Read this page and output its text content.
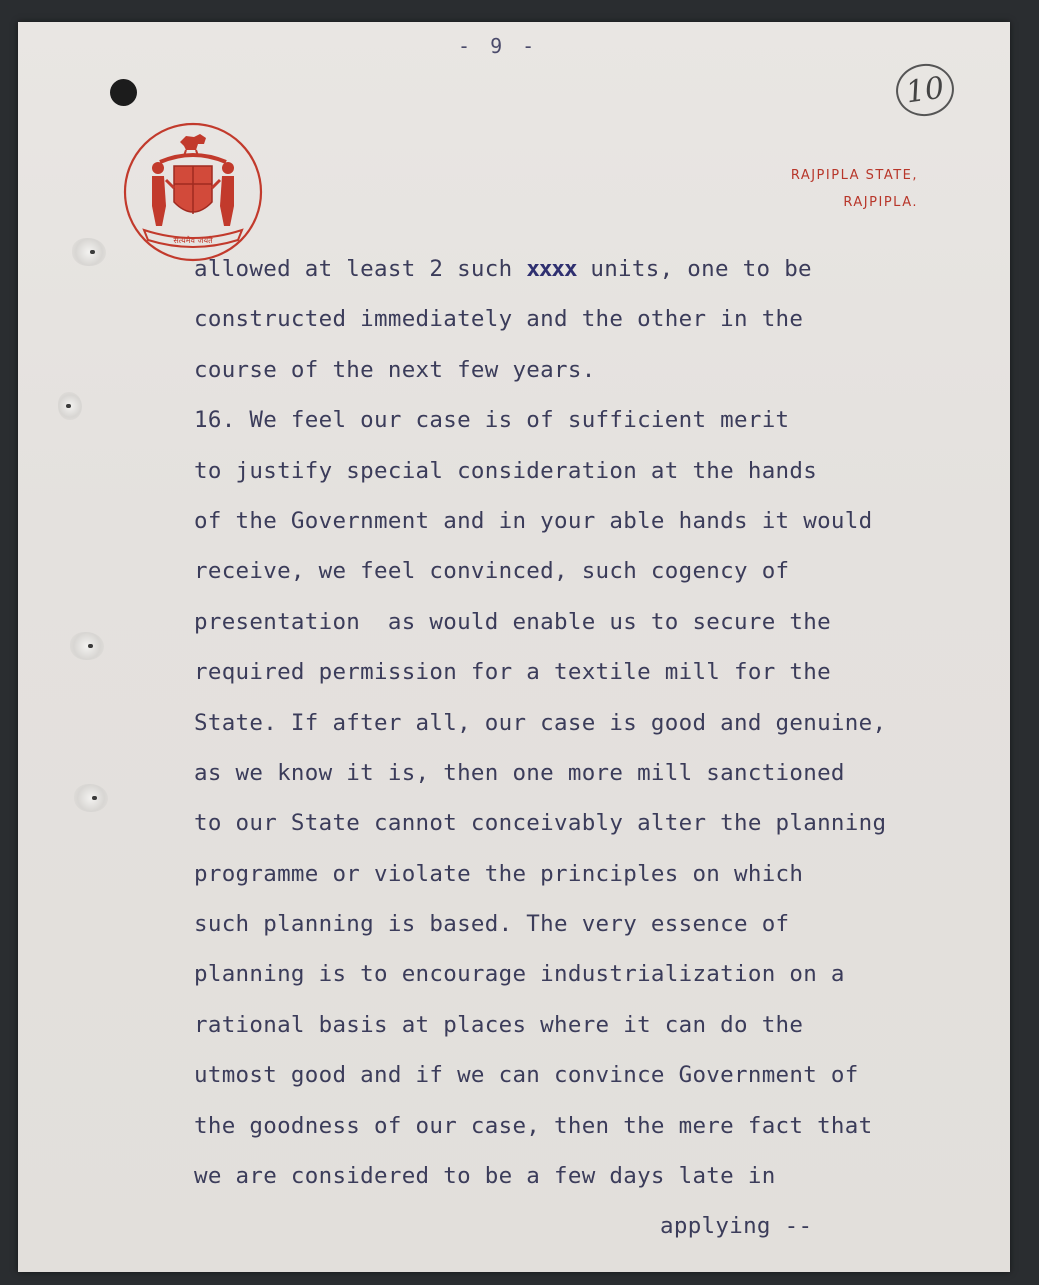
- 9 -
10
सत्यमेव जयते
RAJPIPLA STATE,
RAJPIPLA.
allowed at least 2 such xxxx units, one to be
constructed immediately and the other in the
course of the next few years.
16. We feel our case is of sufficient merit
to justify special consideration at the hands
of the Government and in your able hands it would
receive, we feel convinced, such cogency of
presentation  as would enable us to secure the
required permission for a textile mill for the
State. If after all, our case is good and genuine,
as we know it is, then one more mill sanctioned
to our State cannot conceivably alter the planning
programme or violate the principles on which
such planning is based. The very essence of
planning is to encourage industrialization on a
rational basis at places where it can do the
utmost good and if we can convince Government of
the goodness of our case, then the mere fact that
we are considered to be a few days late in
applying --
